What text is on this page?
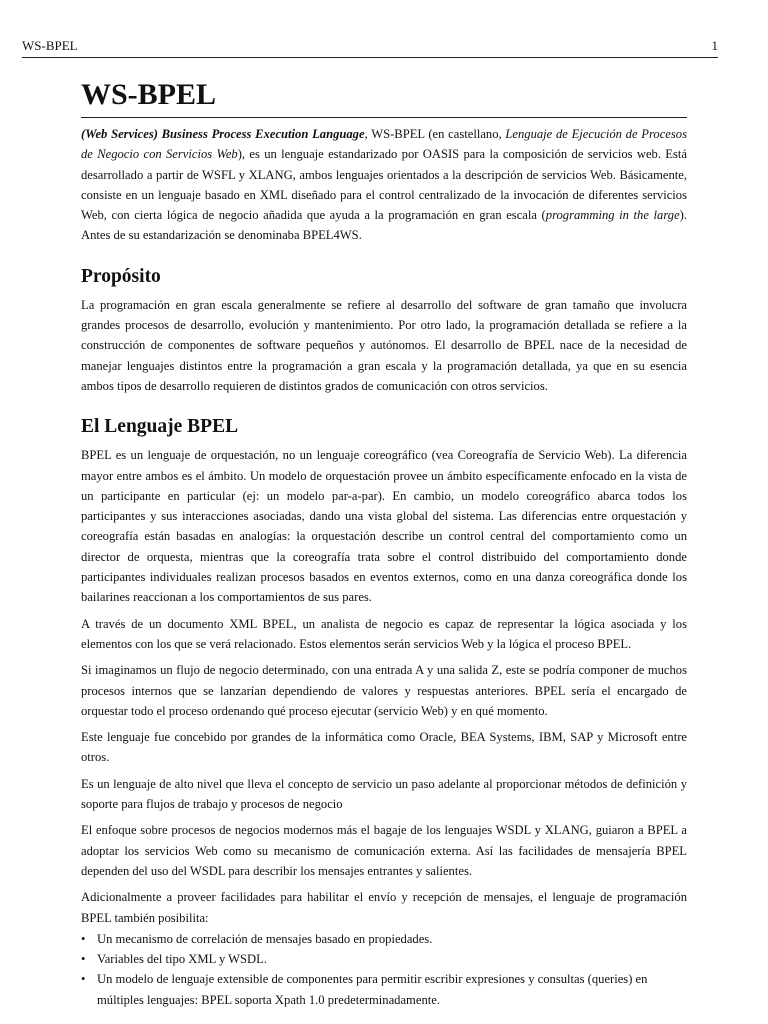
WS-BPEL	1
WS-BPEL

(Web Services) Business Process Execution Language, WS-BPEL (en castellano, Lenguaje de Ejecución de Procesos de Negocio con Servicios Web), es un lenguaje estandarizado por OASIS para la composición de servicios web. Está desarrollado a partir de WSFL y XLANG, ambos lenguajes orientados a la descripción de servicios Web. Básicamente, consiste en un lenguaje basado en XML diseñado para el control centralizado de la invocación de diferentes servicios Web, con cierta lógica de negocio añadida que ayuda a la programación en gran escala (programming in the large). Antes de su estandarización se denominaba BPEL4WS.

Propósito

La programación en gran escala generalmente se refiere al desarrollo del software de gran tamaño que involucra grandes procesos de desarrollo, evolución y mantenimiento. Por otro lado, la programación detallada se refiere a la construcción de componentes de software pequeños y autónomos. El desarrollo de BPEL nace de la necesidad de manejar lenguajes distintos entre la programación a gran escala y la programación detallada, ya que en su esencia ambos tipos de desarrollo requieren de distintos grados de comunicación con otros servicios.

El Lenguaje BPEL

BPEL es un lenguaje de orquestación, no un lenguaje coreográfico (vea Coreografía de Servicio Web). La diferencia mayor entre ambos es el ámbito. Un modelo de orquestación provee un ámbito específicamente enfocado en la vista de un participante en particular (ej: un modelo par-a-par). En cambio, un modelo coreográfico abarca todos los participantes y sus interacciones asociadas, dando una vista global del sistema. Las diferencias entre orquestación y coreografía están basadas en analogías: la orquestación describe un control central del comportamiento como un director de orquesta, mientras que la coreografía trata sobre el control distribuido del comportamiento donde participantes individuales realizan procesos basados en eventos externos, como en una danza coreográfica donde los bailarines reaccionan a los comportamientos de sus pares.

A través de un documento XML BPEL, un analista de negocio es capaz de representar la lógica asociada y los elementos con los que se verá relacionado. Estos elementos serán servicios Web y la lógica el proceso BPEL.

Si imaginamos un flujo de negocio determinado, con una entrada A y una salida Z, este se podría componer de muchos procesos internos que se lanzarían dependiendo de valores y respuestas anteriores. BPEL sería el encargado de orquestar todo el proceso ordenando qué proceso ejecutar (servicio Web) y en qué momento.

Este lenguaje fue concebido por grandes de la informática como Oracle, BEA Systems, IBM, SAP y Microsoft entre otros.

Es un lenguaje de alto nivel que lleva el concepto de servicio un paso adelante al proporcionar métodos de definición y soporte para flujos de trabajo y procesos de negocio

El enfoque sobre procesos de negocios modernos más el bagaje de los lenguajes WSDL y XLANG, guiaron a BPEL a adoptar los servicios Web como su mecanismo de comunicación externa. Así las facilidades de mensajería BPEL dependen del uso del WSDL para describir los mensajes entrantes y salientes.

Adicionalmente a proveer facilidades para habilitar el envío y recepción de mensajes, el lenguaje de programación BPEL también posibilita:

• Un mecanismo de correlación de mensajes basado en propiedades.
• Variables del tipo XML y WSDL.
• Un modelo de lenguaje extensible de componentes para permitir escribir expresiones y consultas (queries) en múltiples lenguajes: BPEL soporta Xpath 1.0 predeterminadamente.
